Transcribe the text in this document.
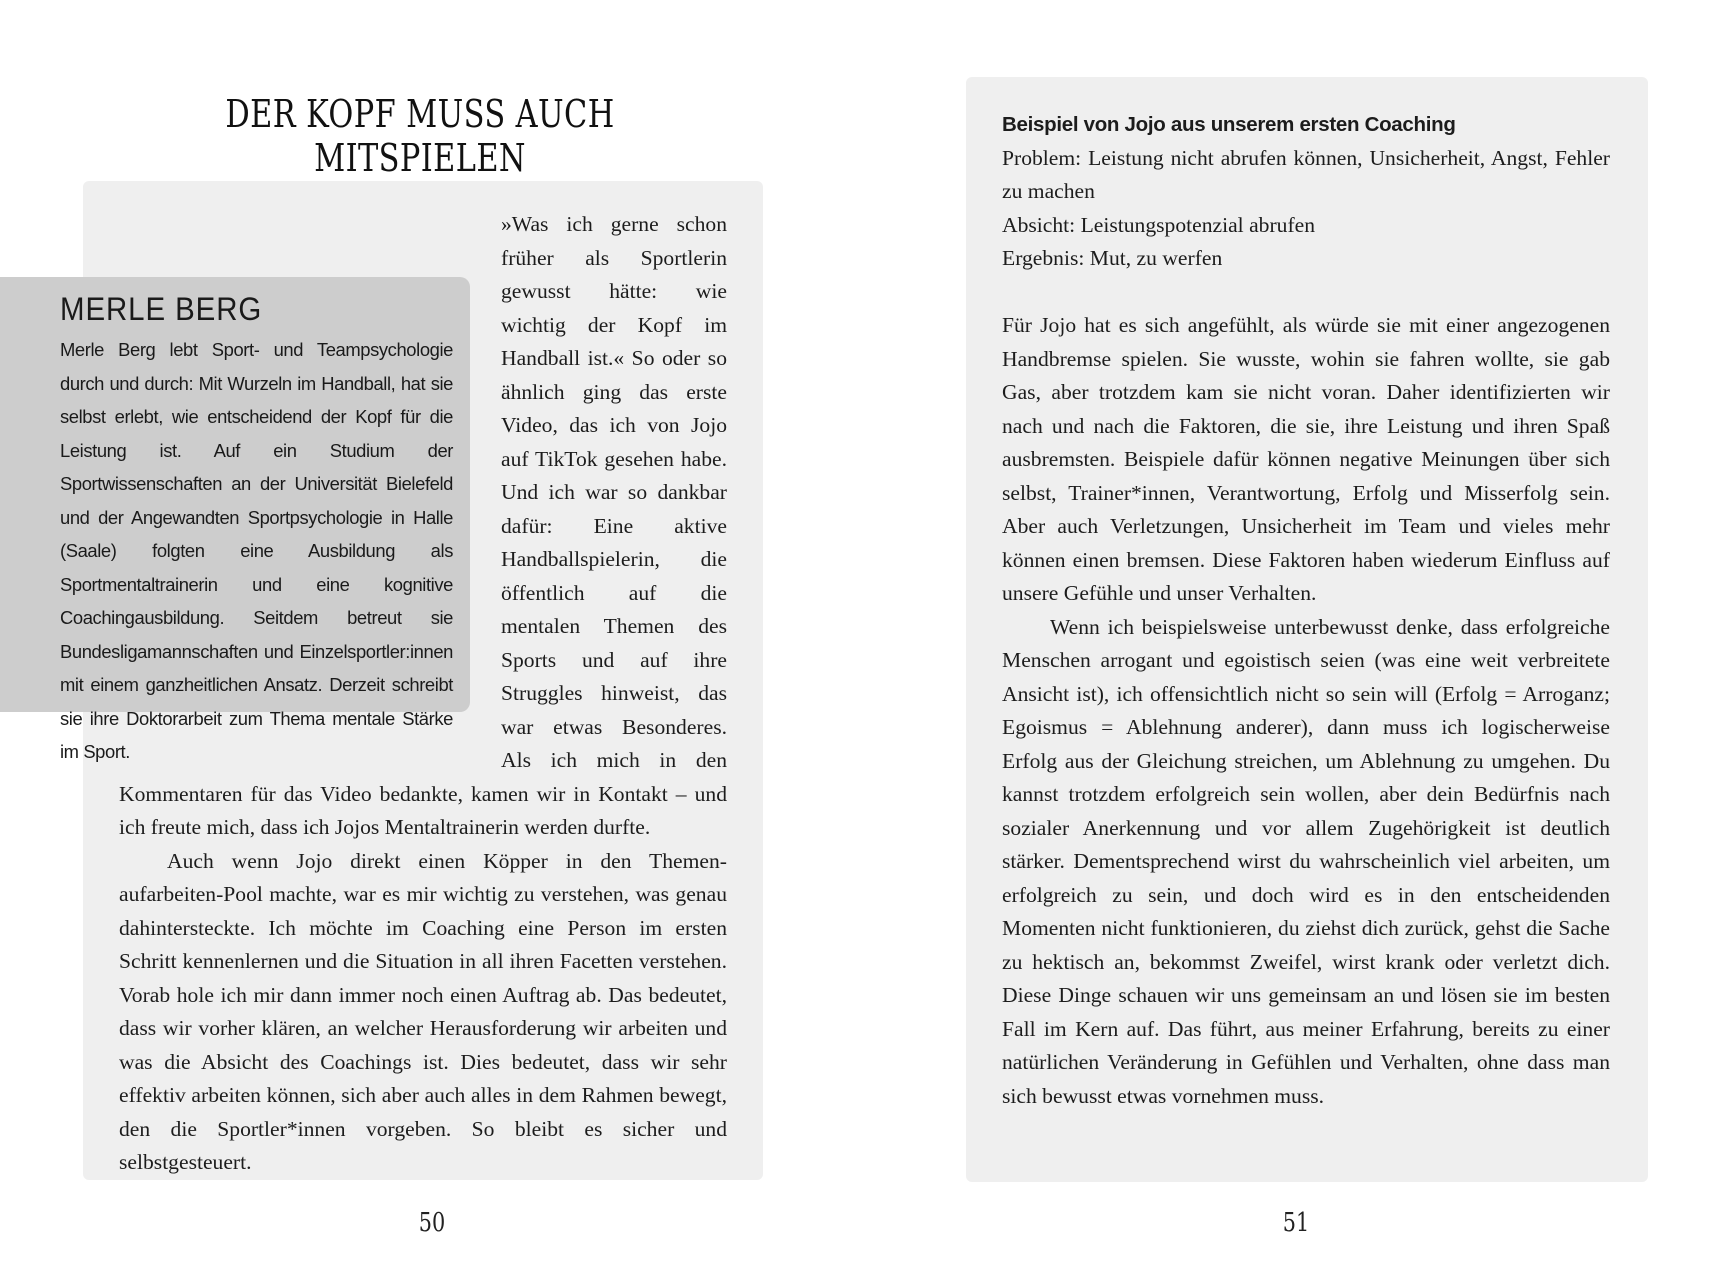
DER KOPF MUSS AUCH MITSPIELEN

»Was ich gerne schon früher als Sportlerin gewusst hätte: wie wichtig der Kopf im Handball ist.« So oder so ähnlich ging das erste Video, das ich von Jojo auf TikTok gesehen habe. Und ich war so dankbar dafür: Eine aktive Handballspielerin, die öffentlich auf die mentalen Themen des Sports und auf ihre Struggles hinweist, das war etwas Besonderes. Als ich mich in den Kommentaren für das Video bedankte, kamen wir in Kontakt – und ich freute mich, dass ich Jojos Mentaltrainerin werden durfte.

Auch wenn Jojo direkt einen Köpper in den Themen-aufarbeiten-Pool machte, war es mir wichtig zu verstehen, was genau dahintersteckte. Ich möchte im Coaching eine Person im ersten Schritt kennenlernen und die Situation in all ihren Facetten verstehen. Vorab hole ich mir dann immer noch einen Auftrag ab. Das bedeutet, dass wir vorher klären, an welcher Herausforderung wir arbeiten und was die Absicht des Coachings ist. Dies bedeutet, dass wir sehr effektiv arbeiten können, sich aber auch alles in dem Rahmen bewegt, den die Sportler*innen vorgeben. So bleibt es sicher und selbstgesteuert.

MERLE BERG

Merle Berg lebt Sport- und Teampsychologie durch und durch: Mit Wurzeln im Handball, hat sie selbst erlebt, wie entscheidend der Kopf für die Leistung ist. Auf ein Studium der Sportwissenschaften an der Universität Bielefeld und der Angewandten Sportpsychologie in Halle (Saale) folgten eine Ausbildung als Sportmentaltrainerin und eine kognitive Coachingausbildung. Seitdem betreut sie Bundesligamannschaften und Einzelsportler:innen mit einem ganzheitlichen Ansatz. Derzeit schreibt sie ihre Doktorarbeit zum Thema mentale Stärke im Sport.

50
Beispiel von Jojo aus unserem ersten Coaching

Problem: Leistung nicht abrufen können, Unsicherheit, Angst, Fehler zu machen

Absicht: Leistungspotenzial abrufen

Ergebnis: Mut, zu werfen

Für Jojo hat es sich angefühlt, als würde sie mit einer angezogenen Handbremse spielen. Sie wusste, wohin sie fahren wollte, sie gab Gas, aber trotzdem kam sie nicht voran. Daher identifizierten wir nach und nach die Faktoren, die sie, ihre Leistung und ihren Spaß ausbremsten. Beispiele dafür können negative Meinungen über sich selbst, Trainer*innen, Verantwortung, Erfolg und Misserfolg sein. Aber auch Verletzungen, Unsicherheit im Team und vieles mehr können einen bremsen. Diese Faktoren haben wiederum Einfluss auf unsere Gefühle und unser Verhalten.

Wenn ich beispielsweise unterbewusst denke, dass erfolgreiche Menschen arrogant und egoistisch seien (was eine weit verbreitete Ansicht ist), ich offensichtlich nicht so sein will (Erfolg = Arroganz; Egoismus = Ablehnung anderer), dann muss ich logischerweise Erfolg aus der Gleichung streichen, um Ablehnung zu umgehen. Du kannst trotzdem erfolgreich sein wollen, aber dein Bedürfnis nach sozialer Anerkennung und vor allem Zugehörigkeit ist deutlich stärker. Dementsprechend wirst du wahrscheinlich viel arbeiten, um erfolgreich zu sein, und doch wird es in den entscheidenden Momenten nicht funktionieren, du ziehst dich zurück, gehst die Sache zu hektisch an, bekommst Zweifel, wirst krank oder verletzt dich. Diese Dinge schauen wir uns gemeinsam an und lösen sie im besten Fall im Kern auf. Das führt, aus meiner Erfahrung, bereits zu einer natürlichen Veränderung in Gefühlen und Verhalten, ohne dass man sich bewusst etwas vornehmen muss.

51
